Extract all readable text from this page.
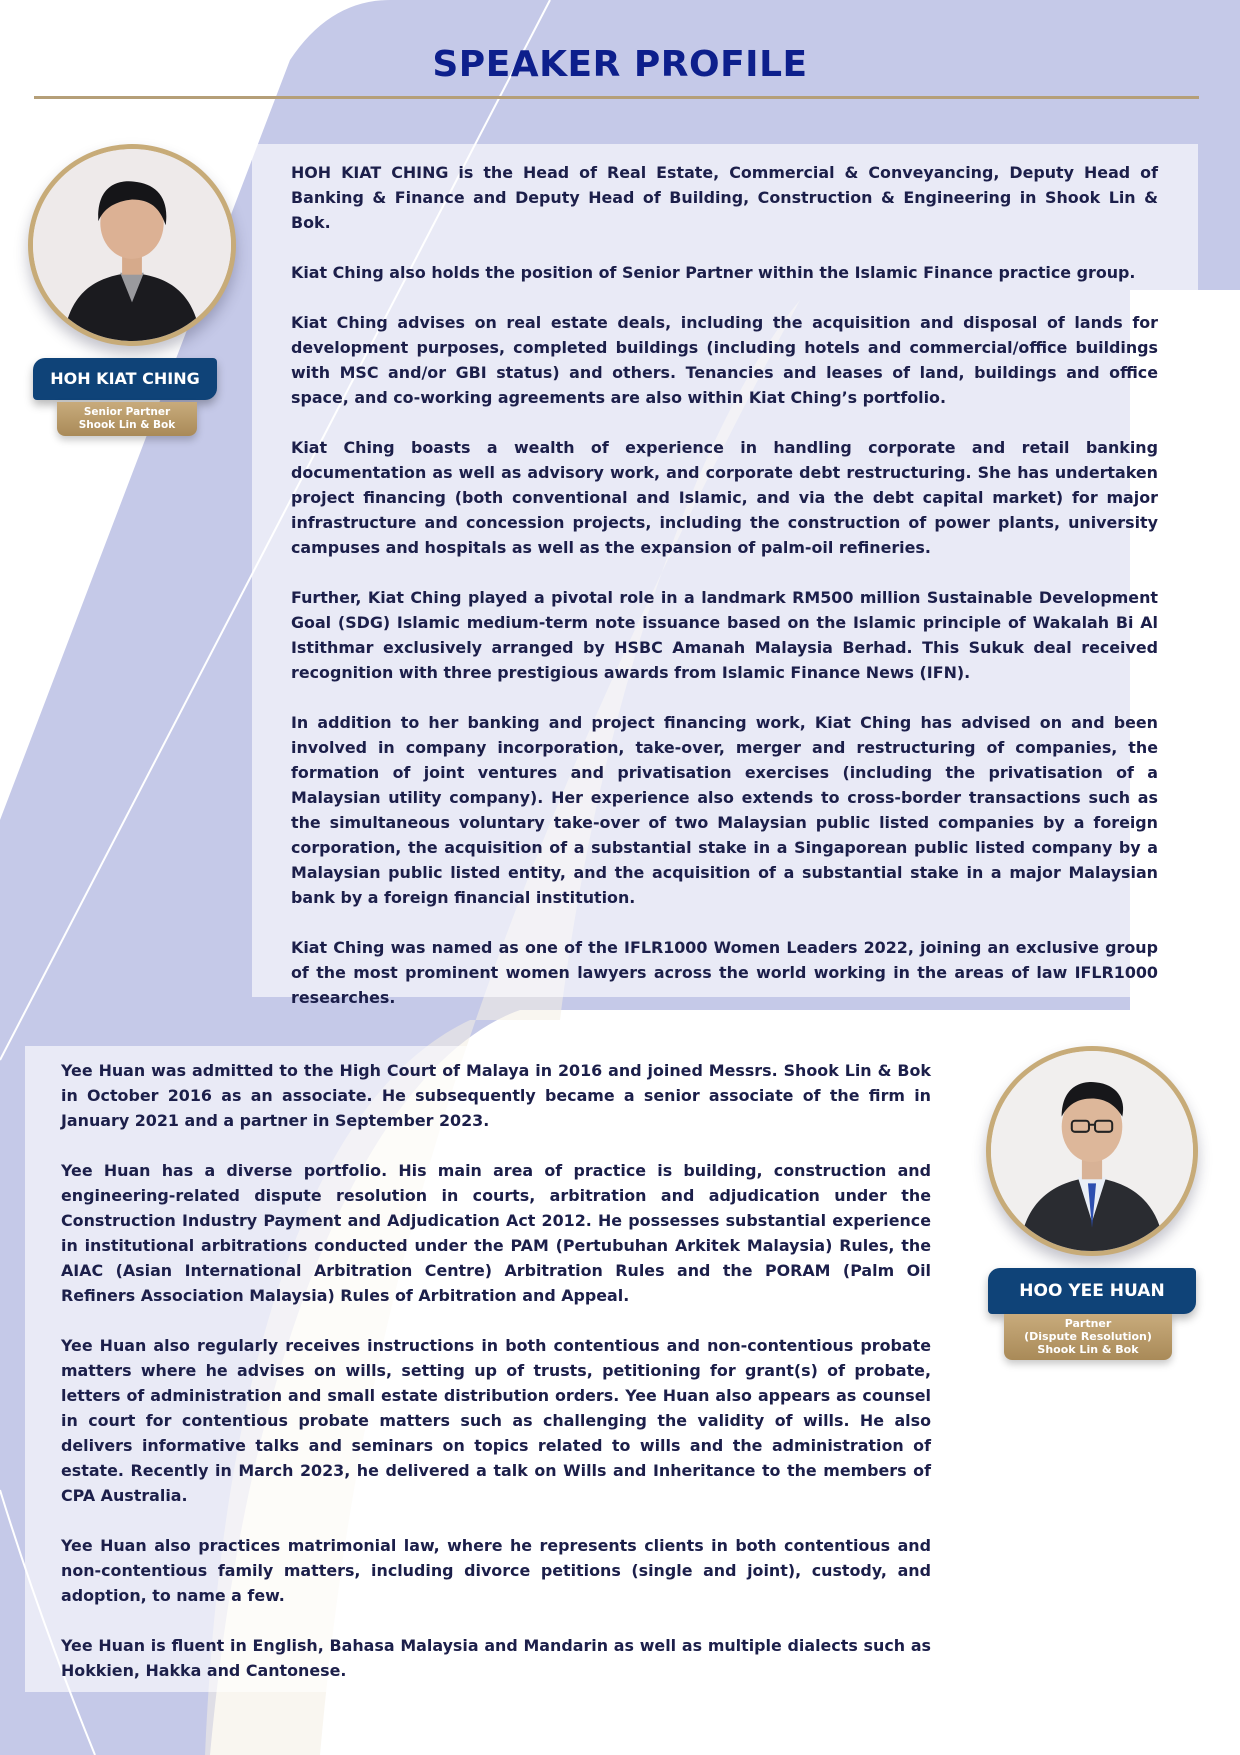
SPEAKER PROFILE
HOH KIAT CHING
Senior Partner
Shook Lin & Bok

HOH KIAT CHING is the Head of Real Estate, Commercial & Conveyancing, Deputy Head of Banking & Finance and Deputy Head of Building, Construction & Engineering in Shook Lin & Bok.

Kiat Ching also holds the position of Senior Partner within the Islamic Finance practice group.

Kiat Ching advises on real estate deals, including the acquisition and disposal of lands for development purposes, completed buildings (including hotels and commercial/office buildings with MSC and/or GBI status) and others. Tenancies and leases of land, buildings and office space, and co-working agreements are also within Kiat Ching’s portfolio.

Kiat Ching boasts a wealth of experience in handling corporate and retail banking documentation as well as advisory work, and corporate debt restructuring. She has undertaken project financing (both conventional and Islamic, and via the debt capital market) for major infrastructure and concession projects, including the construction of power plants, university campuses and hospitals as well as the expansion of palm-oil refineries.

Further, Kiat Ching played a pivotal role in a landmark RM500 million Sustainable Development Goal (SDG) Islamic medium-term note issuance based on the Islamic principle of Wakalah Bi Al Istithmar exclusively arranged by HSBC Amanah Malaysia Berhad. This Sukuk deal received recognition with three prestigious awards from Islamic Finance News (IFN).

In addition to her banking and project financing work, Kiat Ching has advised on and been involved in company incorporation, take-over, merger and restructuring of companies, the formation of joint ventures and privatisation exercises (including the privatisation of a Malaysian utility company). Her experience also extends to cross-border transactions such as the simultaneous voluntary take-over of two Malaysian public listed companies by a foreign corporation, the acquisition of a substantial stake in a Singaporean public listed company by a Malaysian public listed entity, and the acquisition of a substantial stake in a major Malaysian bank by a foreign financial institution.

Kiat Ching was named as one of the IFLR1000 Women Leaders 2022, joining an exclusive group of the most prominent women lawyers across the world working in the areas of law IFLR1000 researches.

Yee Huan was admitted to the High Court of Malaya in 2016 and joined Messrs. Shook Lin & Bok in October 2016 as an associate. He subsequently became a senior associate of the firm in January 2021 and a partner in September 2023.

Yee Huan has a diverse portfolio. His main area of practice is building, construction and engineering-related dispute resolution in courts, arbitration and adjudication under the Construction Industry Payment and Adjudication Act 2012. He possesses substantial experience in institutional arbitrations conducted under the PAM (Pertubuhan Arkitek Malaysia) Rules, the AIAC (Asian International Arbitration Centre) Arbitration Rules and the PORAM (Palm Oil Refiners Association Malaysia) Rules of Arbitration and Appeal.

Yee Huan also regularly receives instructions in both contentious and non-contentious probate matters where he advises on wills, setting up of trusts, petitioning for grant(s) of probate, letters of administration and small estate distribution orders. Yee Huan also appears as counsel in court for contentious probate matters such as challenging the validity of wills. He also delivers informative talks and seminars on topics related to wills and the administration of estate. Recently in March 2023, he delivered a talk on Wills and Inheritance to the members of CPA Australia.

Yee Huan also practices matrimonial law, where he represents clients in both contentious and non-contentious family matters, including divorce petitions (single and joint), custody, and adoption, to name a few.

Yee Huan is fluent in English, Bahasa Malaysia and Mandarin as well as multiple dialects such as Hokkien, Hakka and Cantonese.

HOO YEE HUAN
Partner
(Dispute Resolution)
Shook Lin & Bok
